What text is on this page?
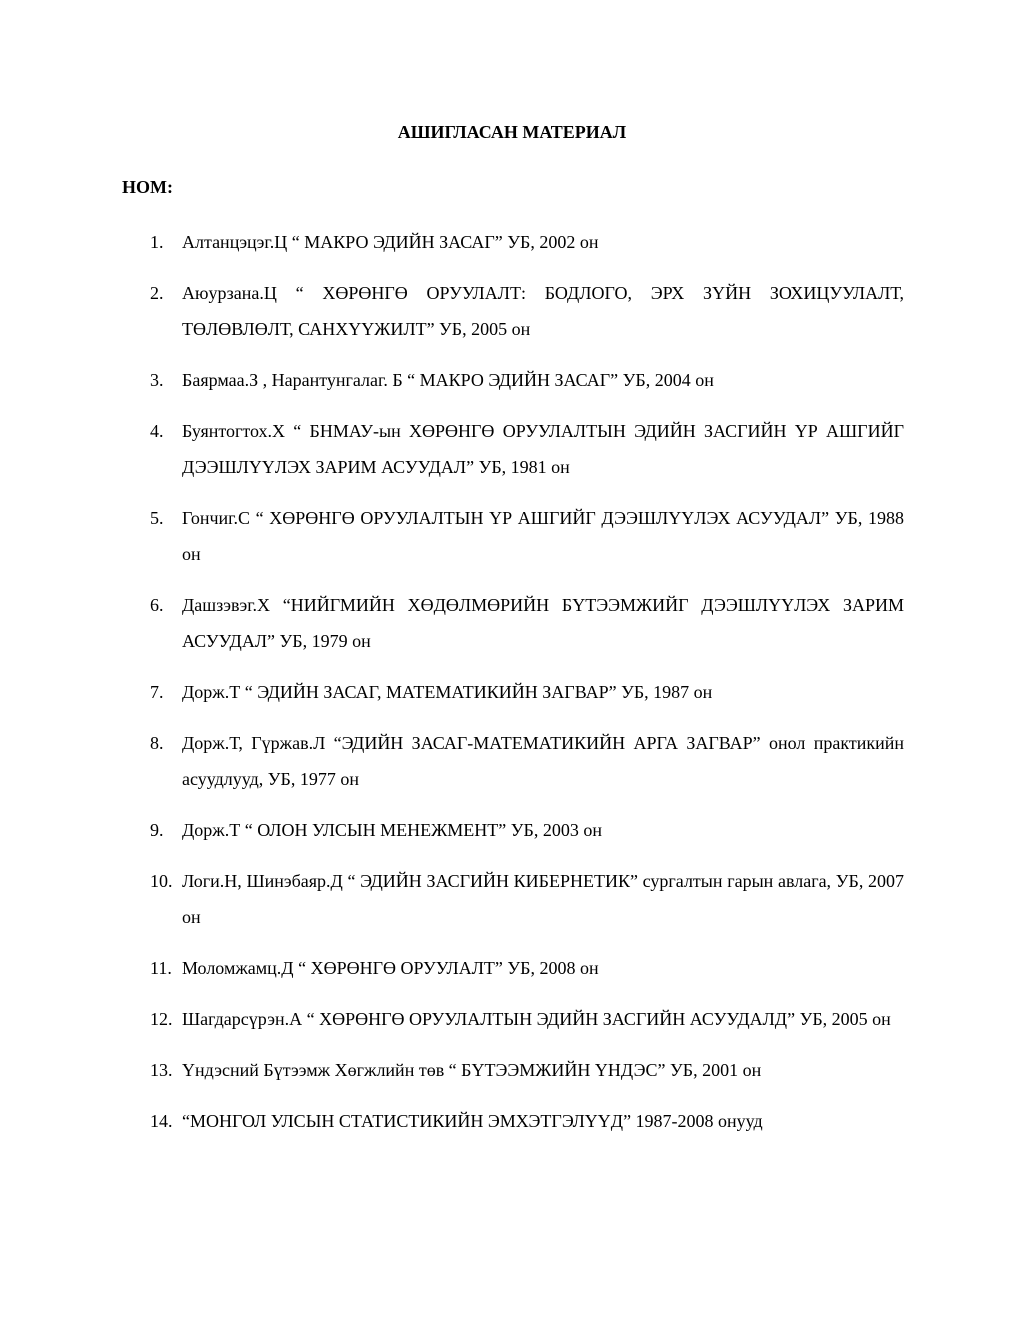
АШИГЛАСАН МАТЕРИАЛ
НОМ:
1. Алтанцэцэг.Ц “ МАКРО ЭДИЙН ЗАСАГ” УБ, 2002 он
2. Аюурзана.Ц “ ХӨРӨНГӨ ОРУУЛАЛТ: БОДЛОГО, ЭРХ ЗҮЙН ЗОХИЦУУЛАЛТ, ТӨЛӨВЛӨЛТ, САНХҮҮЖИЛТ” УБ, 2005 он
3. Баярмаа.З , Нарантунгалаг. Б “ МАКРО ЭДИЙН ЗАСАГ” УБ, 2004 он
4. Буянтогтох.Х “ БНМАУ-ын ХӨРӨНГӨ ОРУУЛАЛТЫН ЭДИЙН ЗАСГИЙН ҮР АШГИЙГ ДЭЭШЛҮҮЛЭХ ЗАРИМ АСУУДАЛ” УБ, 1981 он
5. Гончиг.С “ ХӨРӨНГӨ ОРУУЛАЛТЫН ҮР АШГИЙГ ДЭЭШЛҮҮЛЭХ АСУУДАЛ” УБ, 1988 он
6. Дашзэвэг.Х “НИЙГМИЙН ХӨДӨЛМӨРИЙН БҮТЭЭМЖИЙГ ДЭЭШЛҮҮЛЭХ ЗАРИМ АСУУДАЛ” УБ, 1979 он
7. Дорж.Т “ ЭДИЙН ЗАСАГ, МАТЕМАТИКИЙН ЗАГВАР” УБ, 1987 он
8. Дорж.Т, Гүржав.Л “ЭДИЙН ЗАСАГ-МАТЕМАТИКИЙН АРГА ЗАГВАР” онол практикийн асуудлууд, УБ, 1977 он
9. Дорж.Т “ ОЛОН УЛСЫН МЕНЕЖМЕНТ” УБ, 2003 он
10. Логи.Н, Шинэбаяр.Д “ ЭДИЙН ЗАСГИЙН КИБЕРНЕТИК” сургалтын гарын авлага, УБ, 2007 он
11. Моломжамц.Д “ ХӨРӨНГӨ ОРУУЛАЛТ” УБ, 2008 он
12. Шагдарсүрэн.А “ ХӨРӨНГӨ ОРУУЛАЛТЫН ЭДИЙН ЗАСГИЙН АСУУДАЛД” УБ, 2005 он
13. Үндэсний Бүтээмж Хөгжлийн төв “ БҮТЭЭМЖИЙН ҮНДЭС” УБ, 2001 он
14. “МОНГОЛ УЛСЫН СТАТИСТИКИЙН ЭМХЭТГЭЛҮҮД” 1987-2008 онууд
